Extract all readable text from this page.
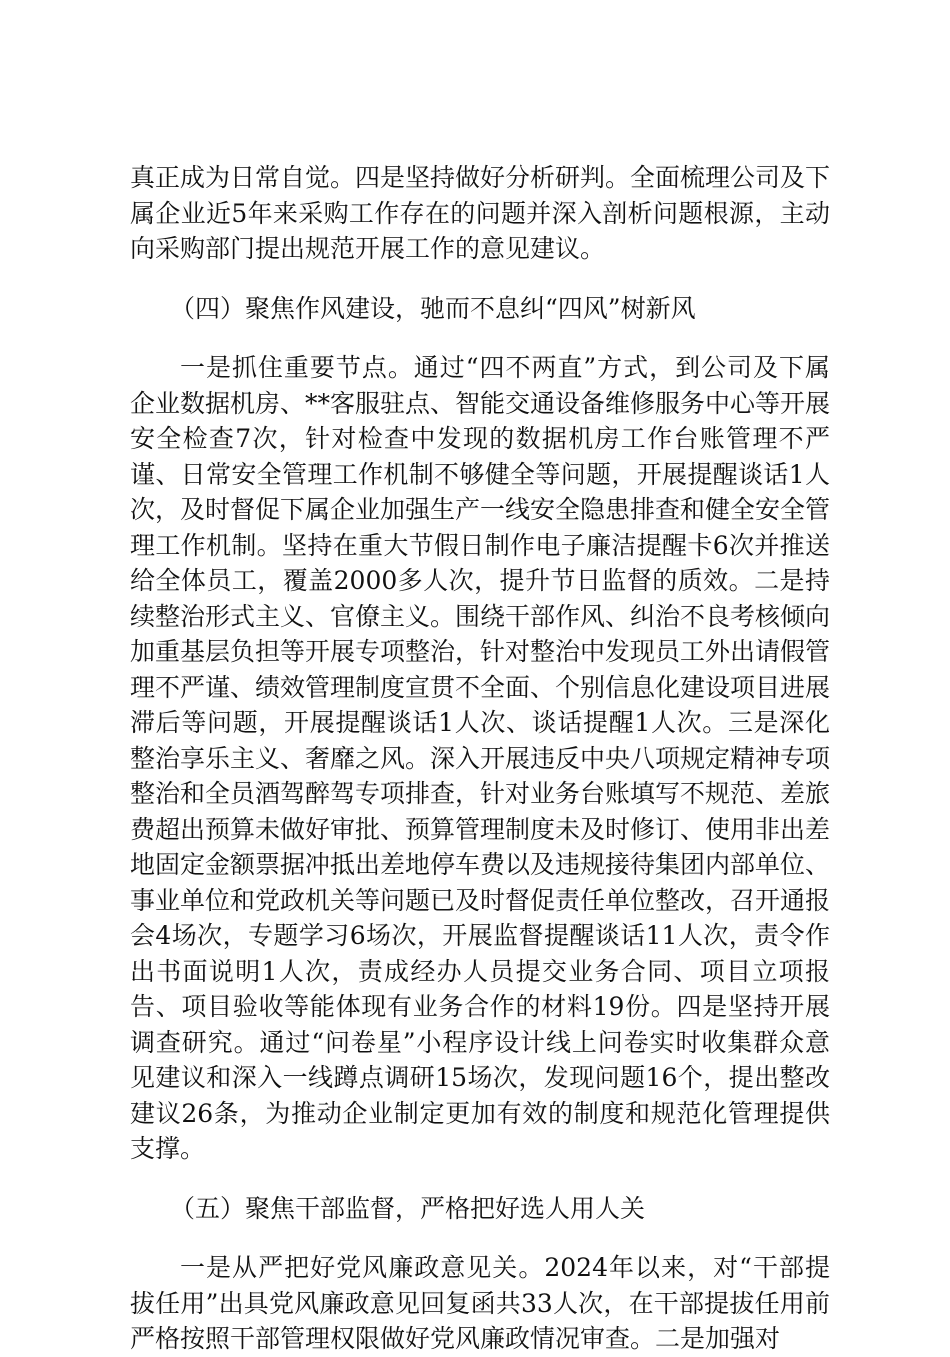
真正成为日常自觉。四是坚持做好分析研判。全面梳理公司及下属企业近5年来采购工作存在的问题并深入剖析问题根源，主动向采购部门提出规范开展工作的意见建议。

（四）聚焦作风建设，驰而不息纠“四风”树新风

一是抓住重要节点。通过“四不两直”方式，到公司及下属企业数据机房、**客服驻点、智能交通设备维修服务中心等开展安全检查7次，针对检查中发现的数据机房工作台账管理不严谨、日常安全管理工作机制不够健全等问题，开展提醒谈话1人次，及时督促下属企业加强生产一线安全隐患排查和健全安全管理工作机制。坚持在重大节假日制作电子廉洁提醒卡6次并推送给全体员工，覆盖2000多人次，提升节日监督的质效。二是持续整治形式主义、官僚主义。围绕干部作风、纠治不良考核倾向加重基层负担等开展专项整治，针对整治中发现员工外出请假管理不严谨、绩效管理制度宣贯不全面、个别信息化建设项目进展滞后等问题，开展提醒谈话1人次、谈话提醒1人次。三是深化整治享乐主义、奢靡之风。深入开展违反中央八项规定精神专项整治和全员酒驾醉驾专项排查，针对业务台账填写不规范、差旅费超出预算未做好审批、预算管理制度未及时修订、使用非出差地固定金额票据冲抵出差地停车费以及违规接待集团内部单位、事业单位和党政机关等问题已及时督促责任单位整改，召开通报会4场次，专题学习6场次，开展监督提醒谈话11人次，责令作出书面说明1人次，责成经办人员提交业务合同、项目立项报告、项目验收等能体现有业务合作的材料19份。四是坚持开展调查研究。通过“问卷星”小程序设计线上问卷实时收集群众意见建议和深入一线蹲点调研15场次，发现问题16个，提出整改建议26条，为推动企业制定更加有效的制度和规范化管理提供支撑。

（五）聚焦干部监督，严格把好选人用人关

一是从严把好党风廉政意见关。2024年以来，对“干部提拔任用”出具党风廉政意见回复函共33人次，在干部提拔任用前严格按照干部管理权限做好党风廉政情况审查。二是加强对
